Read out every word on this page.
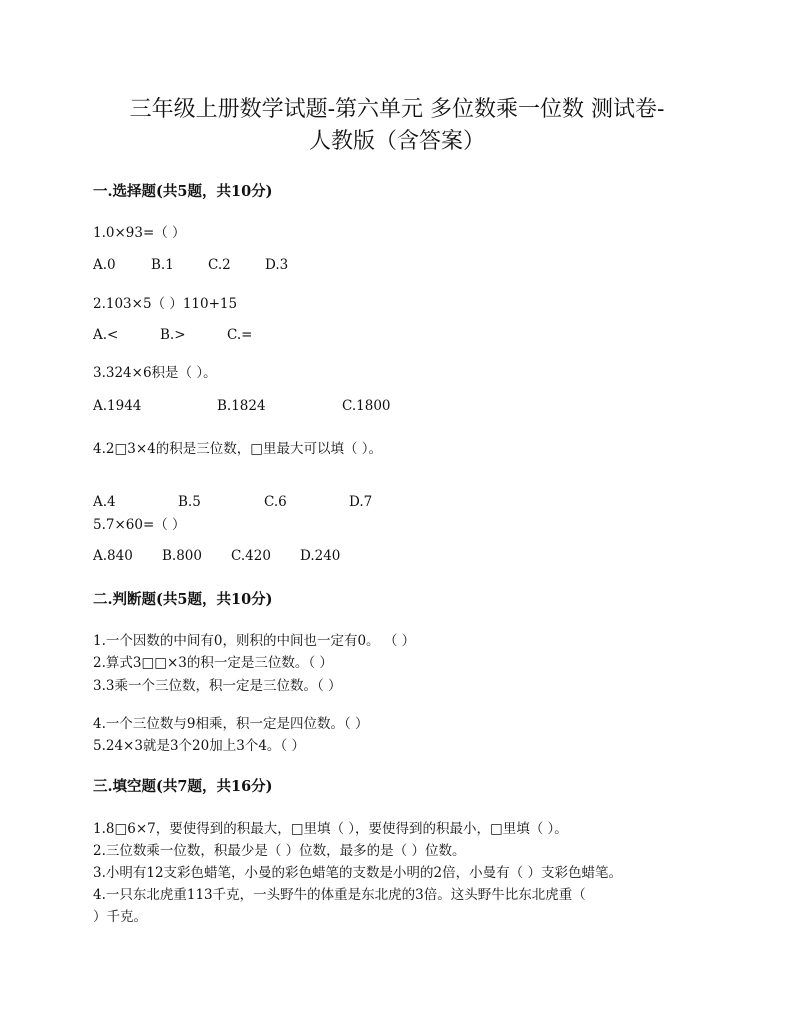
三年级上册数学试题-第六单元 多位数乘一位数 测试卷-
人教版（含答案）
一.选择题(共5题，共10分)
1.0×93=（ ）
A.0	B.1	C.2	D.3
2.103×5（ ）110+15
A.<	B.>	C.=
3.324×6积是（ ）。
A.1944	B.1824	C.1800
4.2□3×4的积是三位数，□里最大可以填（ ）。
A.4	B.5	C.6	D.7
5.7×60=（ ）
A.840 B.800 C.420 D.240
二.判断题(共5题，共10分)
1.一个因数的中间有0，则积的中间也一定有0。 （ ）
2.算式3□□×3的积一定是三位数。（ ）
3.3乘一个三位数，积一定是三位数。（ ）
4.一个三位数与9相乘，积一定是四位数。（ ）
5.24×3就是3个20加上3个4。（ ）
三.填空题(共7题，共16分)
1.8□6×7，要使得到的积最大，□里填（ ），要使得到的积最小，□里填（ ）。
2.三位数乘一位数，积最少是（ ）位数，最多的是（ ）位数。
3.小明有12支彩色蜡笔，小曼的彩色蜡笔的支数是小明的2倍，小曼有（ ）支彩色蜡笔。
4.一只东北虎重113千克，一头野牛的体重是东北虎的3倍。这头野牛比东北虎重（
）千克。
